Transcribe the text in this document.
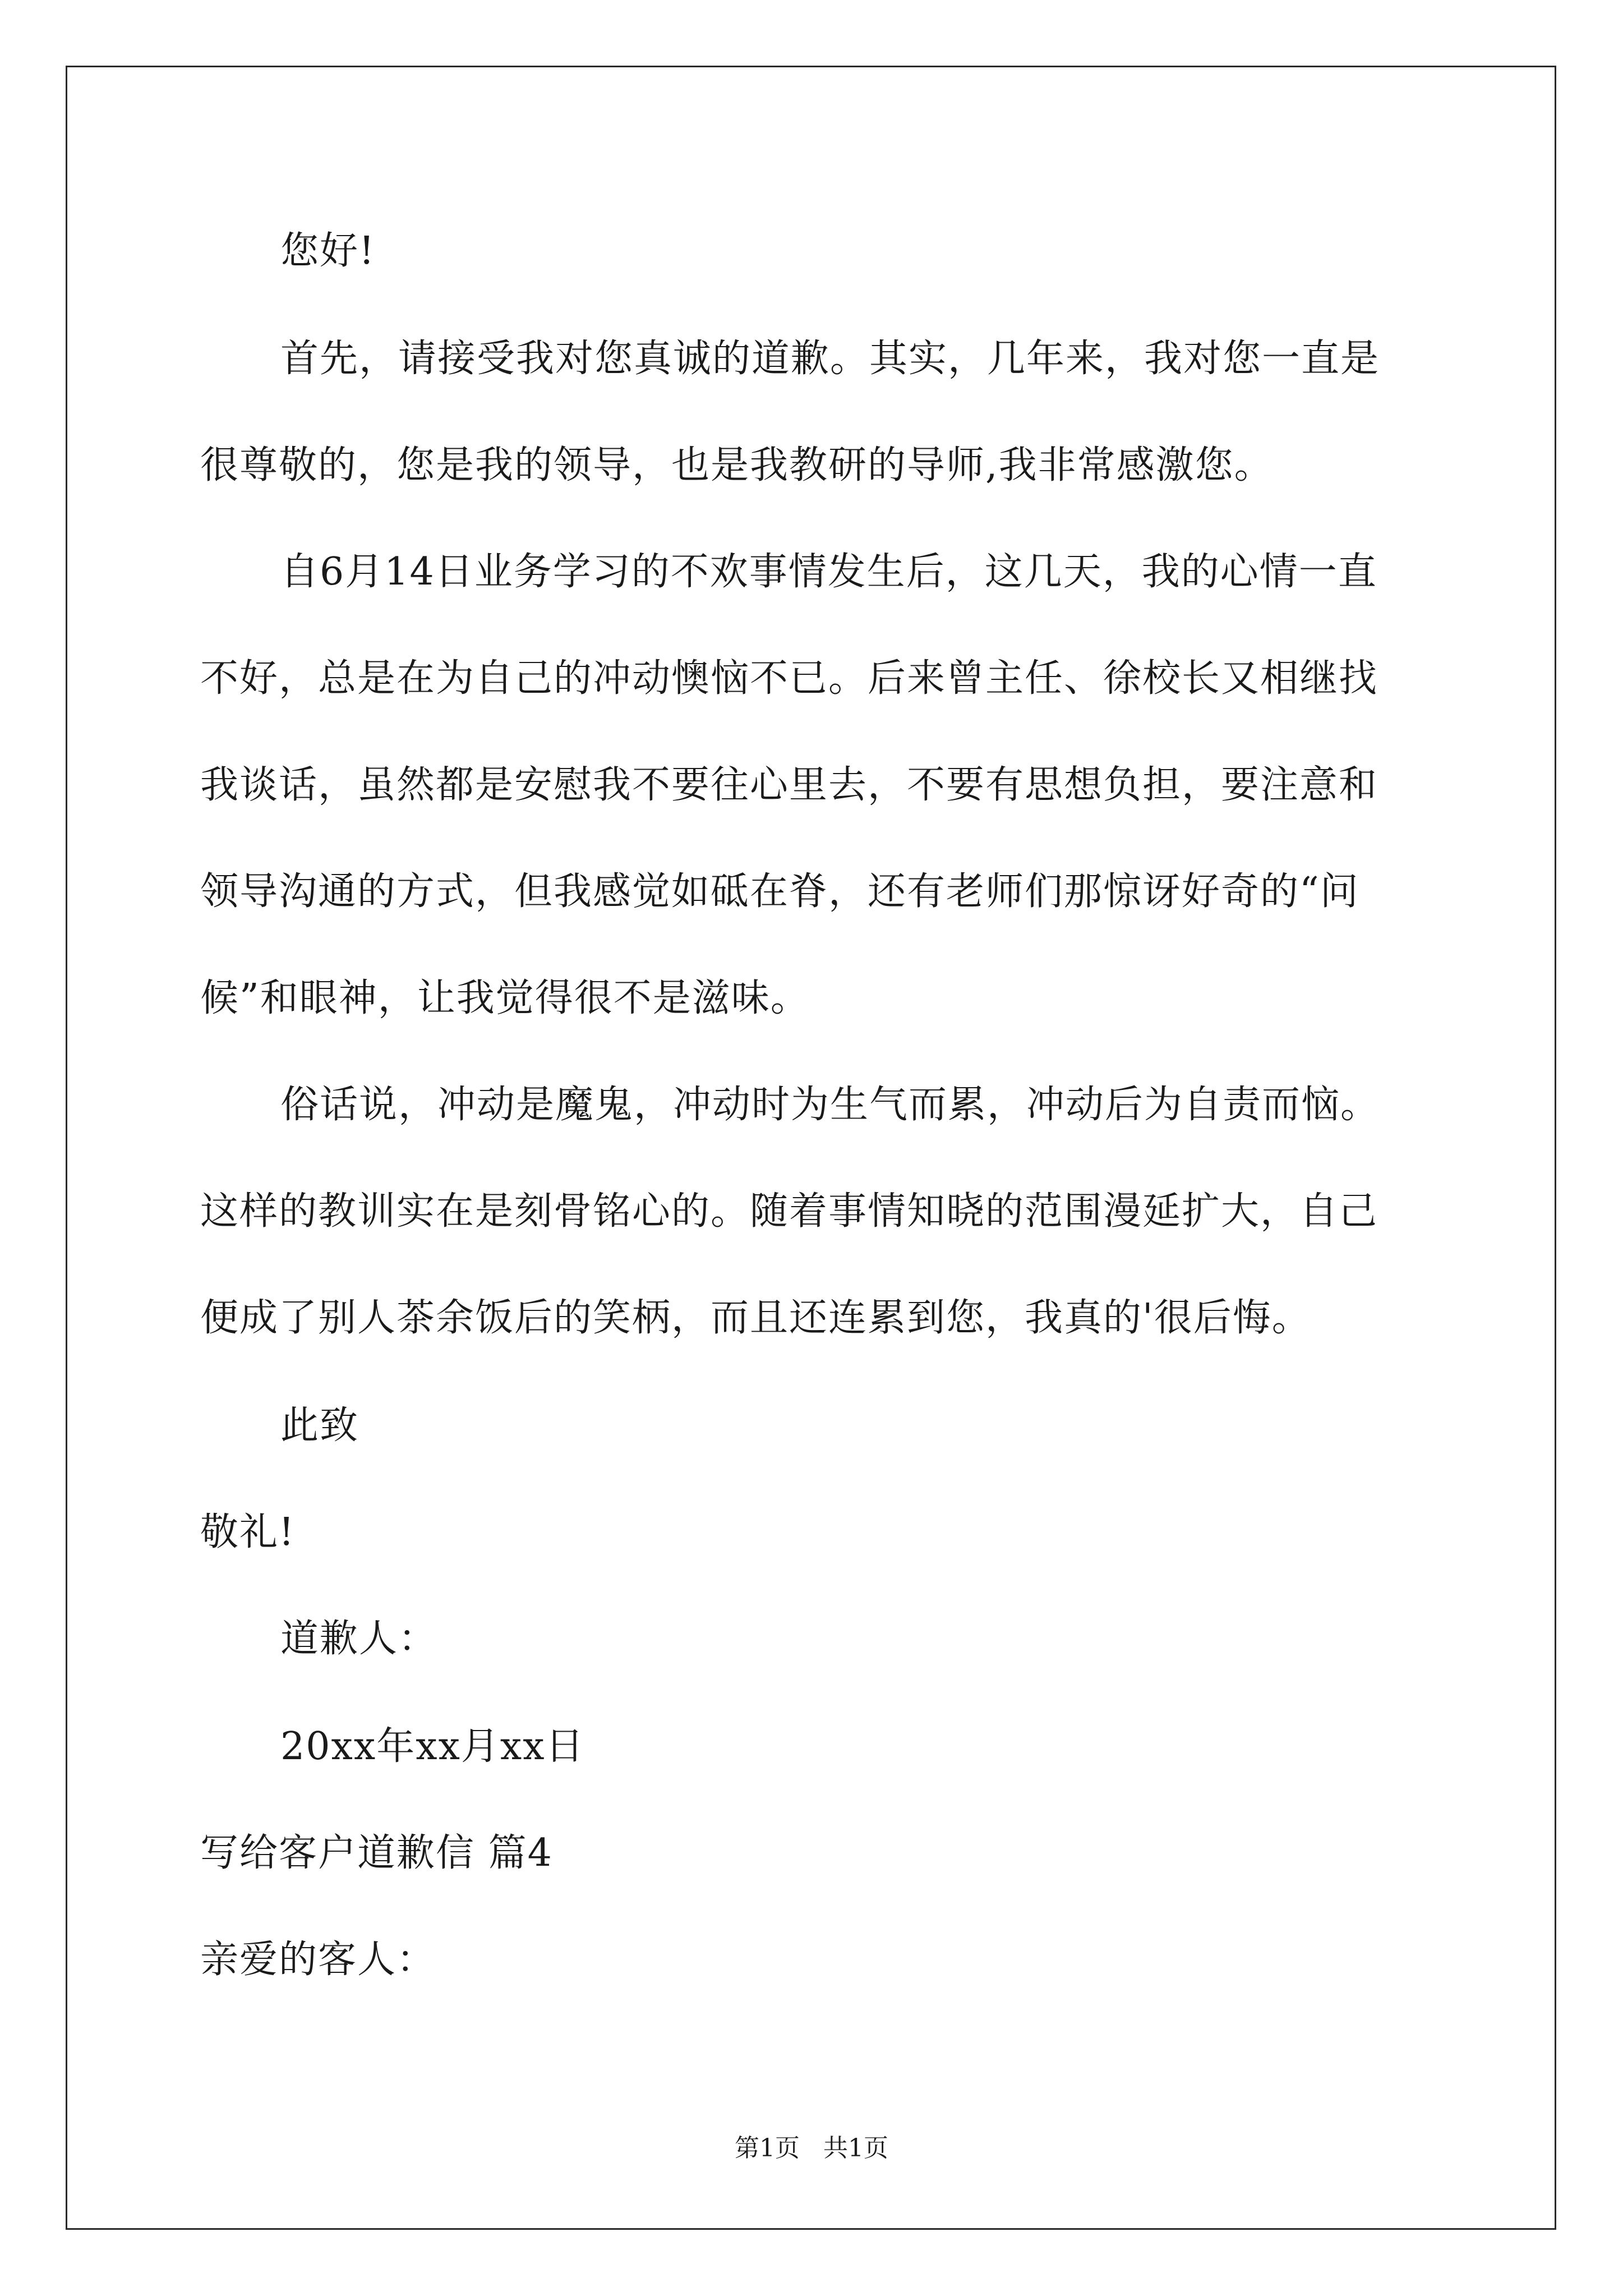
您好!
首先，请接受我对您真诚的道歉。其实，几年来，我对您一直是
很尊敬的，您是我的领导，也是我教研的导师,我非常感激您。
自6月14日业务学习的不欢事情发生后，这几天，我的心情一直
不好，总是在为自己的冲动懊恼不已。后来曾主任、徐校长又相继找
我谈话，虽然都是安慰我不要往心里去，不要有思想负担，要注意和
领导沟通的方式，但我感觉如砥在脊，还有老师们那惊讶好奇的“问
候”和眼神，让我觉得很不是滋味。
俗话说，冲动是魔鬼，冲动时为生气而累，冲动后为自责而恼。
这样的教训实在是刻骨铭心的。随着事情知晓的范围漫延扩大，自己
便成了别人茶余饭后的笑柄，而且还连累到您，我真的'很后悔。
此致
敬礼!
道歉人：
20xx年xx月xx日
写给客户道歉信 篇4
亲爱的客人：
第1页   共1页
